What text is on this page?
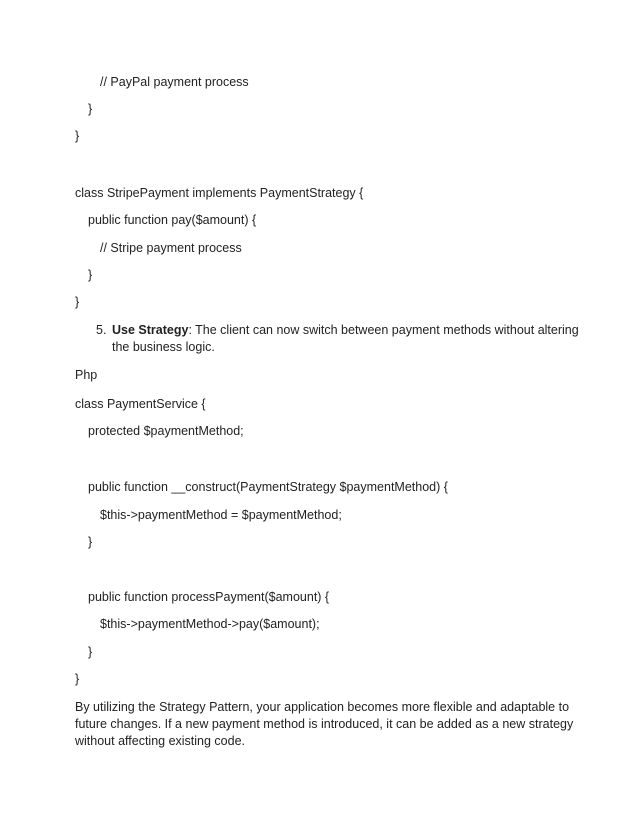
// PayPal payment process
}
}
class StripePayment implements PaymentStrategy {
public function pay($amount) {
// Stripe payment process
}
}
5. Use Strategy: The client can now switch between payment methods without altering the business logic.
Php
class PaymentService {
protected $paymentMethod;
public function __construct(PaymentStrategy $paymentMethod) {
$this->paymentMethod = $paymentMethod;
}
public function processPayment($amount) {
$this->paymentMethod->pay($amount);
}
}
By utilizing the Strategy Pattern, your application becomes more flexible and adaptable to future changes. If a new payment method is introduced, it can be added as a new strategy without affecting existing code.
